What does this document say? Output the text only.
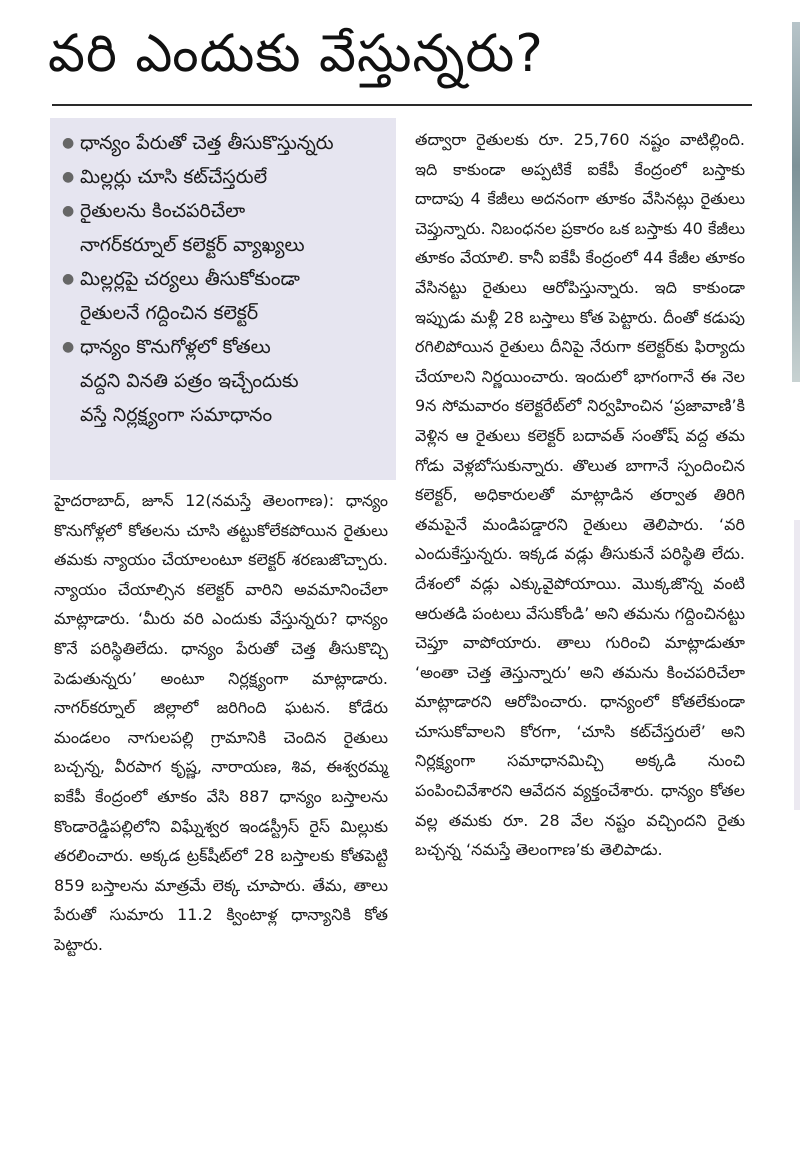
వరి ఎందుకు వేస్తున్నరు?
● ధాన్యం పేరుతో చెత్త తీసుకొస్తున్నరు
● మిల్లర్లు చూసి కట్‌చేస్తరులే
● రైతులను కించపరిచేలా
నాగర్‌కర్నూల్‌ కలెక్టర్‌ వ్యాఖ్యలు
● మిల్లర్లపై చర్యలు తీసుకోకుండా
రైతులనే గద్దించిన కలెక్టర్‌
● ధాన్యం కొనుగోళ్లలో కోతలు
వద్దని వినతి పత్రం ఇచ్చేందుకు
వస్తే నిర్లక్ష్యంగా సమాధానం

హైదరాబాద్‌, జూన్‌ 12(నమస్తే తెలంగాణ): ధాన్యం కొనుగోళ్లలో కోతలను చూసి తట్టుకోలేకపోయిన రైతులు తమకు న్యాయం చేయాలంటూ కలెక్టర్‌ శరణుజొచ్చారు. న్యాయం చేయాల్సిన కలెక్టర్‌ వారిని అవమానించేలా మాట్లాడారు. ‘మీరు వరి ఎందుకు వేస్తున్నరు? ధాన్యం కొనే పరిస్థితిలేదు. ధాన్యం పేరుతో చెత్త తీసుకొచ్చి పెడుతున్నరు’ అంటూ నిర్లక్ష్యంగా మాట్లాడారు. నాగర్‌కర్నూల్‌ జిల్లాలో జరిగింది ఘటన. కోడేరు మండలం నాగులపల్లి గ్రామానికి చెందిన రైతులు బచ్చన్న, వీరపాగ కృష్ణ, నారాయణ, శివ, ఈశ్వరమ్మ ఐకేపీ కేంద్రంలో తూకం వేసి 887 ధాన్యం బస్తాలను కొండారెడ్డిపల్లిలోని విఘ్నేశ్వర ఇండస్ట్రీస్‌ రైస్‌ మిల్లుకు తరలించారు. అక్కడ ట్రక్‌షీట్‌లో 28 బస్తాలకు కోతపెట్టి 859 బస్తాలను మాత్రమే లెక్క చూపారు. తేమ, తాలు పేరుతో సుమారు 11.2 క్వింటాళ్ల ధాన్యానికి కోత పెట్టారు.

తద్వారా రైతులకు రూ. 25,760 నష్టం వాటిల్లింది. ఇది కాకుండా అప్పటికే ఐకేపీ కేంద్రంలో బస్తాకు దాదాపు 4 కేజీలు అదనంగా తూకం వేసినట్లు రైతులు చెప్తున్నారు. నిబంధనల ప్రకారం ఒక బస్తాకు 40 కేజీలు తూకం వేయాలి. కానీ ఐకేపీ కేంద్రంలో 44 కేజీల తూకం వేసినట్టు రైతులు ఆరోపిస్తున్నారు. ఇది కాకుండా ఇప్పుడు మళ్లీ 28 బస్తాలు కోత పెట్టారు. దీంతో కడుపు రగిలిపోయిన రైతులు దీనిపై నేరుగా కలెక్టర్‌కు ఫిర్యాదు చేయాలని నిర్ణయించారు. ఇందులో భాగంగానే ఈ నెల 9న సోమవారం కలెక్టరేట్‌లో నిర్వహించిన ‘ప్రజావాణి’కి వెళ్లిన ఆ రైతులు కలెక్టర్‌ బదావత్‌ సంతోష్‌ వద్ద తమ గోడు వెళ్లబోసుకున్నారు. తొలుత బాగానే స్పందించిన కలెక్టర్‌, అధికారులతో మాట్లాడిన తర్వాత తిరిగి తమపైనే మండిపడ్డారని రైతులు తెలిపారు. ‘వరి ఎందుకేస్తున్నరు. ఇక్కడ వడ్లు తీసుకునే పరిస్థితి లేదు. దేశంలో వడ్లు ఎక్కువైపోయాయి. మొక్కజొన్న వంటి ఆరుతడి పంటలు వేసుకోండి’ అని తమను గద్దించినట్టు చెప్తూ వాపోయారు. తాలు గురించి మాట్లాడుతూ ‘అంతా చెత్త తెస్తున్నారు’ అని తమను కించపరిచేలా మాట్లాడారని ఆరోపించారు. ధాన్యంలో కోతలేకుండా చూసుకోవాలని కోరగా, ‘చూసి కట్‌చేస్తరులే’ అని నిర్లక్ష్యంగా సమాధానమిచ్చి అక్కడి నుంచి పంపించివేశారని ఆవేదన వ్యక్తంచేశారు. ధాన్యం కోతల వల్ల తమకు రూ. 28 వేల నష్టం వచ్చిందని రైతు బచ్చన్న ‘నమస్తే తెలంగాణ’కు తెలిపాడు.
